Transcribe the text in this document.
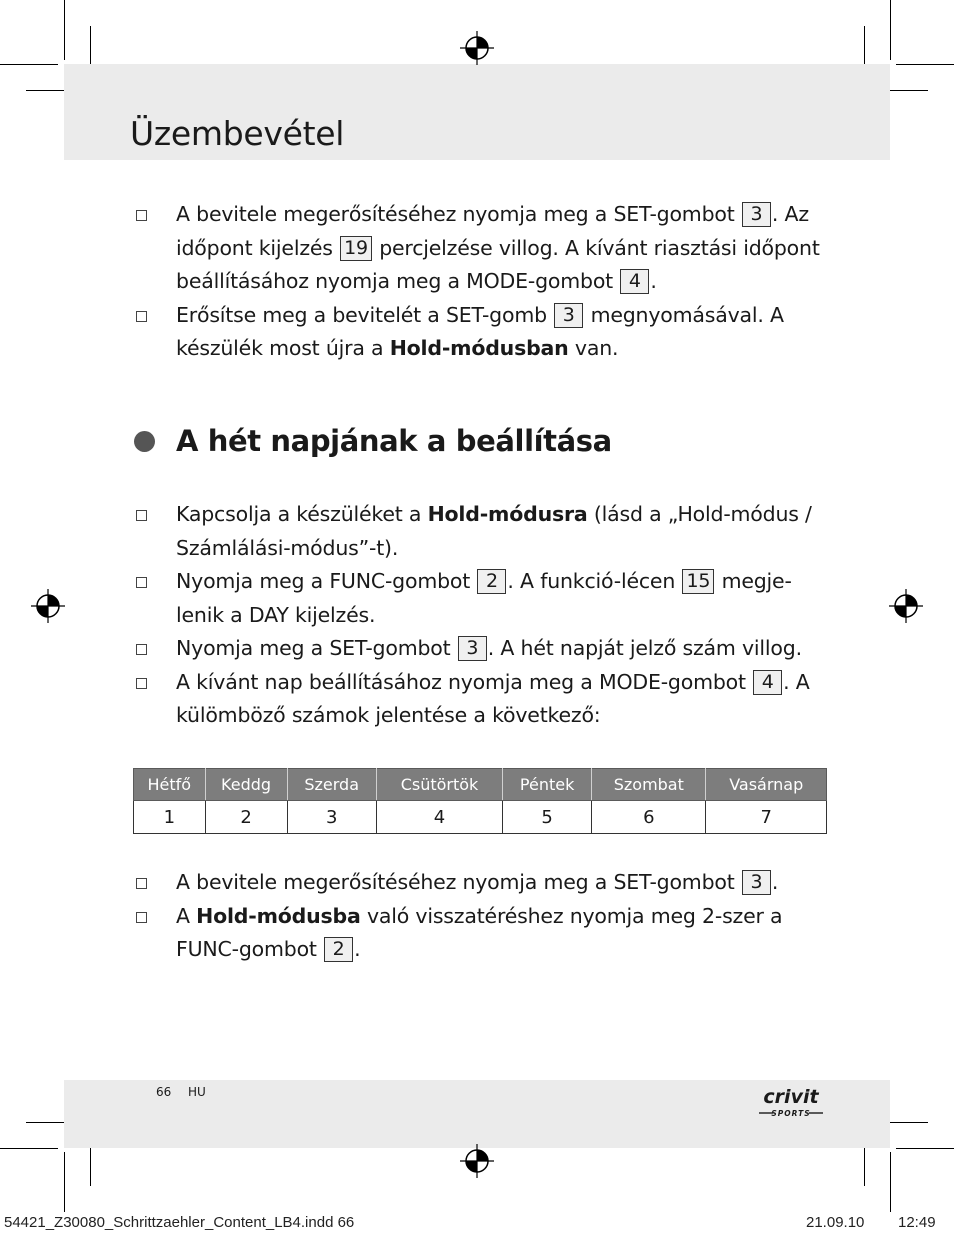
Üzembevétel
A bevitele megerősítéséhez nyomja meg a SET-gombot 3 . Az időpont kijelzés 19 percjelzése villog. A kívánt riasztási időpont beállításához nyomja meg a MODE-gombot 4 .
Erősítse meg a bevitelét a SET-gomb 3 megnyomásával. A készülék most újra a Hold-módusban van.
A hét napjának a beállítása
Kapcsolja a készüléket a Hold-módusra (lásd a „Hold-módus / Számlálási-módus”-t).
Nyomja meg a FUNC-gombot 2 . A funkció-lécen 15 megje-lenik a DAY kijelzés.
Nyomja meg a SET-gombot 3 . A hét napját jelző szám villog.
A kívánt nap beállításához nyomja meg a MODE-gombot 4 . A külömböző számok jelentése a következő:
Hétfő	Keddg	Szerda	Csütörtök	Péntek	Szombat	Vasárnap
1	2	3	4	5	6	7
A bevitele megerősítéséhez nyomja meg a SET-gombot 3 .
A Hold-módusba való visszatéréshez nyomja meg 2-szer a FUNC-gombot 2 .
66 HU	crivit
SPORTS
54421_Z30080_Schrittzaehler_Content_LB4.indd 66	21.09.10 12:49
